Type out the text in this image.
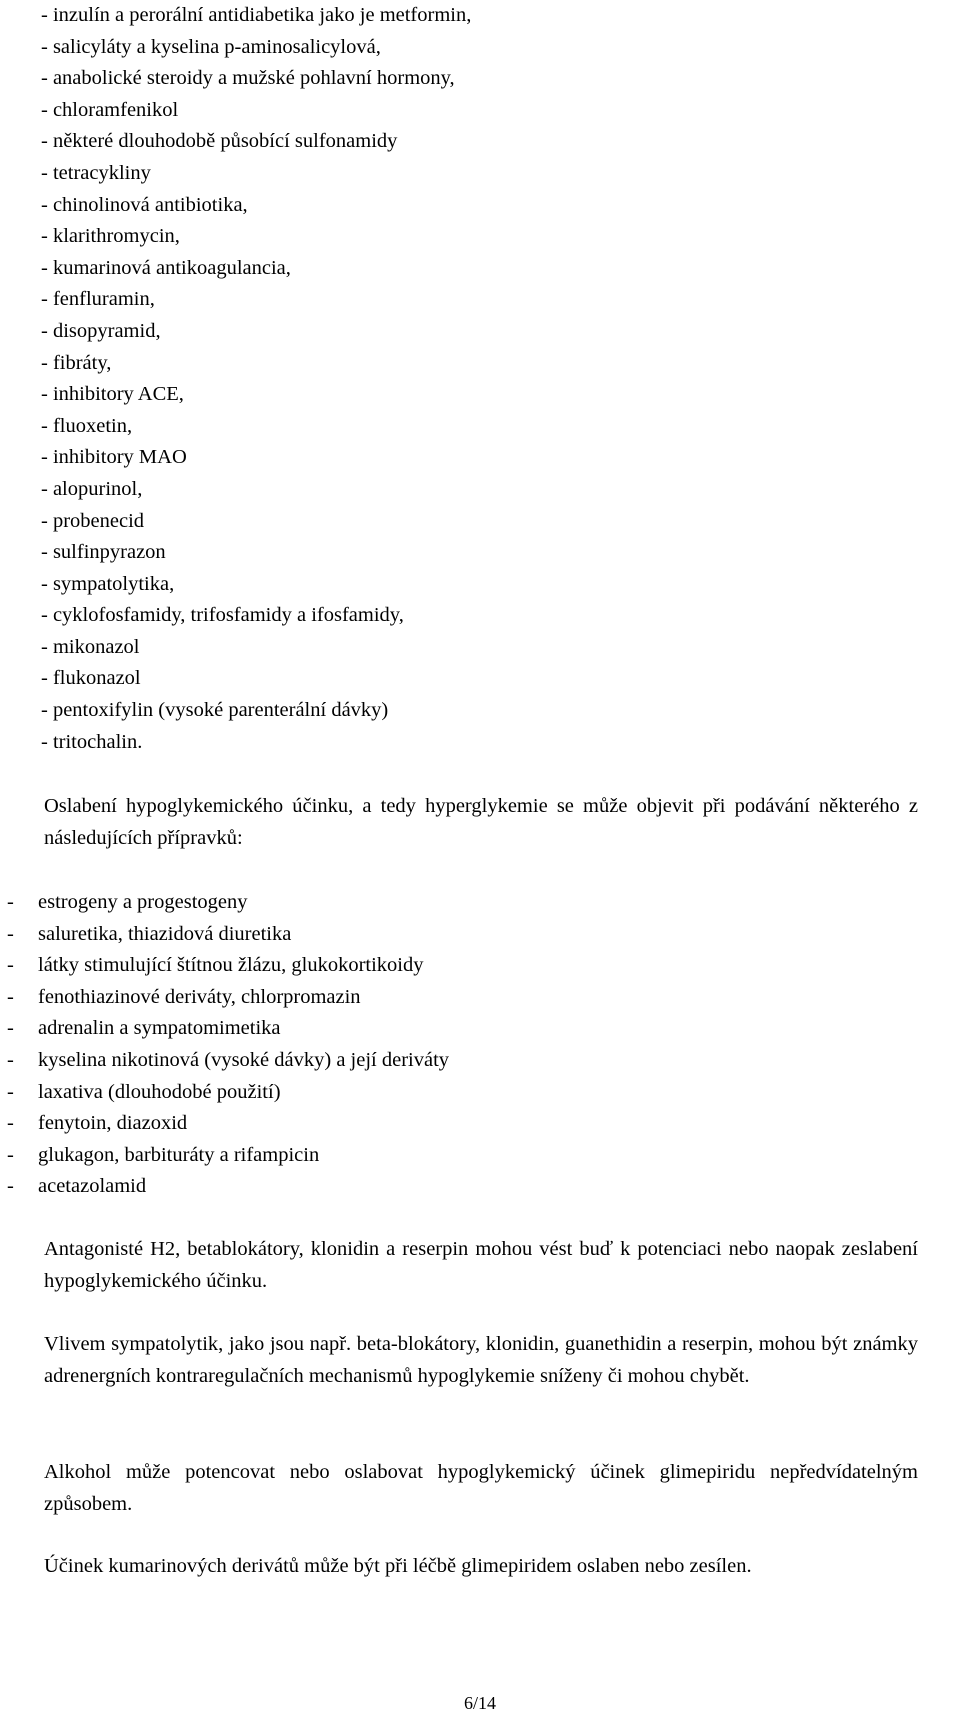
- inzulín a perorální antidiabetika jako je metformin,
- salicyláty a kyselina p-aminosalicylová,
- anabolické steroidy a mužské pohlavní hormony,
- chloramfenikol
- některé dlouhodobě působící sulfonamidy
- tetracykliny
- chinolinová antibiotika,
- klarithromycin,
- kumarinová antikoagulancia,
- fenfluramin,
- disopyramid,
- fibráty,
- inhibitory ACE,
- fluoxetin,
- inhibitory MAO
- alopurinol,
- probenecid
- sulfinpyrazon
- sympatolytika,
- cyklofosfamidy, trifosfamidy a ifosfamidy,
- mikonazol
- flukonazol
- pentoxifylin (vysoké parenterální dávky)
- tritochalin.

Oslabení hypoglykemického účinku, a tedy hyperglykemie se může objevit při podávání některého z následujících přípravků:

- estrogeny a progestogeny
- saluretika, thiazidová diuretika
- látky stimulující štítnou žlázu, glukokortikoidy
- fenothiazinové deriváty, chlorpromazin
- adrenalin a sympatomimetika
- kyselina nikotinová (vysoké dávky) a její deriváty
- laxativa (dlouhodobé použití)
- fenytoin, diazoxid
- glukagon, barbituráty a rifampicin
- acetazolamid

Antagonisté H2, betablokátory, klonidin a reserpin mohou vést buď k potenciaci nebo naopak zeslabení hypoglykemického účinku.

Vlivem sympatolytik, jako jsou např. beta-blokátory, klonidin, guanethidin a reserpin, mohou být známky adrenergních kontraregulačních mechanismů hypoglykemie sníženy či mohou chybět.

Alkohol může potencovat nebo oslabovat hypoglykemický účinek glimepiridu nepředvídatelným způsobem.

Účinek kumarinových derivátů může být při léčbě glimepiridem oslaben nebo zesílen.

6/14
